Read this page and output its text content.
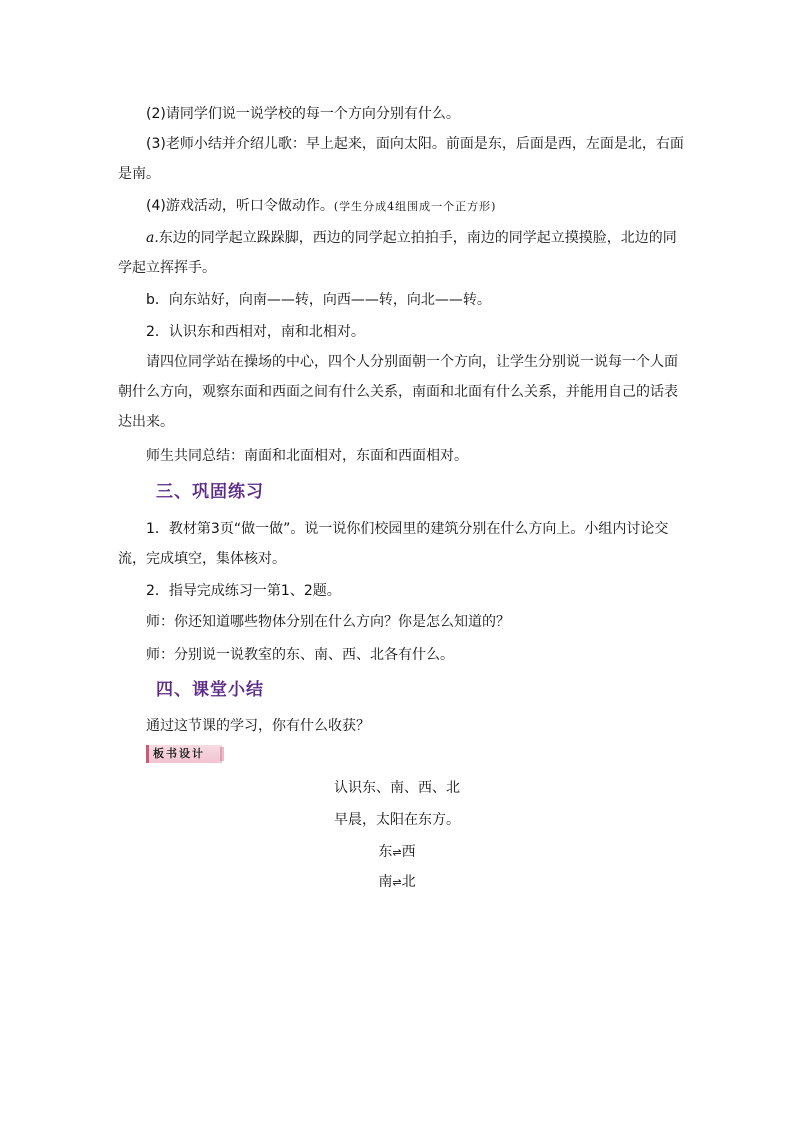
(2)请同学们说一说学校的每一个方向分别有什么。
(3)老师小结并介绍儿歌：早上起来，面向太阳。前面是东，后面是西，左面是北，右面
是南。
(4)游戏活动，听口令做动作。(学生分成4组围成一个正方形)
a.东边的同学起立跺跺脚，西边的同学起立拍拍手，南边的同学起立摸摸脸，北边的同
学起立挥挥手。
b．向东站好，向南——转，向西——转，向北——转。
2．认识东和西相对，南和北相对。
请四位同学站在操场的中心，四个人分别面朝一个方向，让学生分别说一说每一个人面
朝什么方向，观察东面和西面之间有什么关系，南面和北面有什么关系，并能用自己的话表
达出来。
师生共同总结：南面和北面相对，东面和西面相对。
三、巩固练习
1．教材第3页“做一做”。说一说你们校园里的建筑分别在什么方向上。小组内讨论交
流，完成填空，集体核对。
2．指导完成练习一第1、2题。
师：你还知道哪些物体分别在什么方向？你是怎么知道的？
师：分别说一说教室的东、南、西、北各有什么。
四、课堂小结
通过这节课的学习，你有什么收获？
板书设计
认识东、南、西、北
早晨，太阳在东方。
东⇌西
南⇌北
